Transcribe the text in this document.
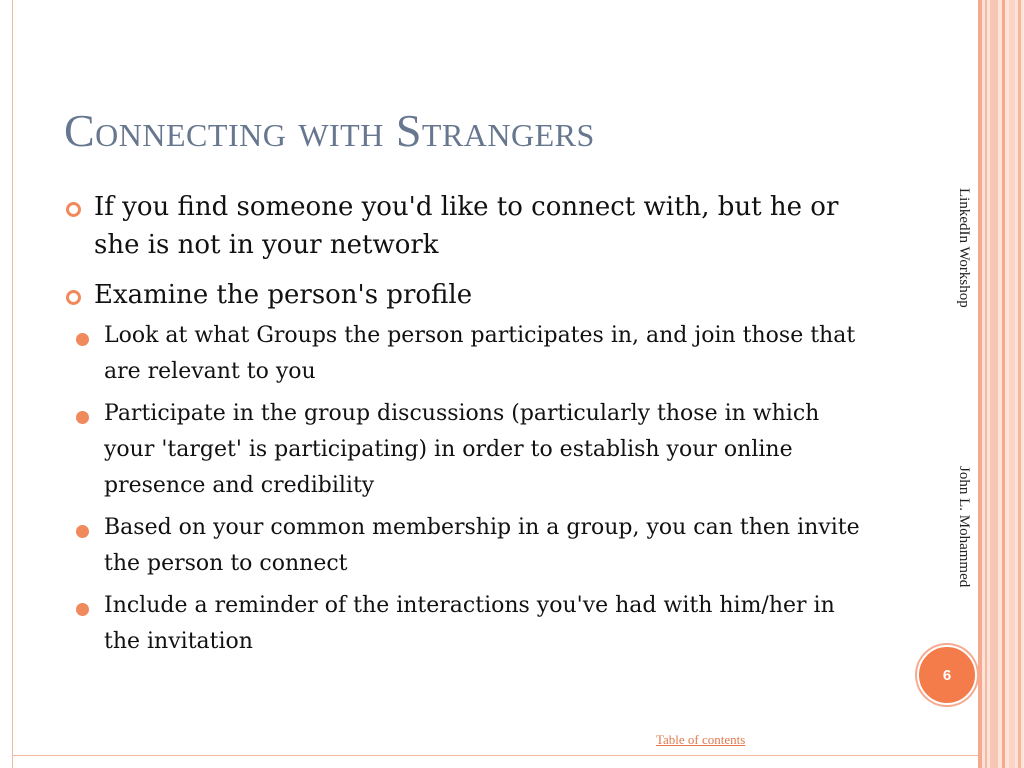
Connecting with Strangers
If you find someone you'd like to connect with, but he or she is not in your network
Examine the person's profile
Look at what Groups the person participates in, and join those that are relevant to you
Participate in the group discussions (particularly those in which your 'target' is participating) in order to establish your online presence and credibility
Based on your common membership in a group, you can then invite the person to connect
Include a reminder of the interactions you've had with him/her in the invitation
LinkedIn Workshop
John L. Mohammed
6
Table of contents
